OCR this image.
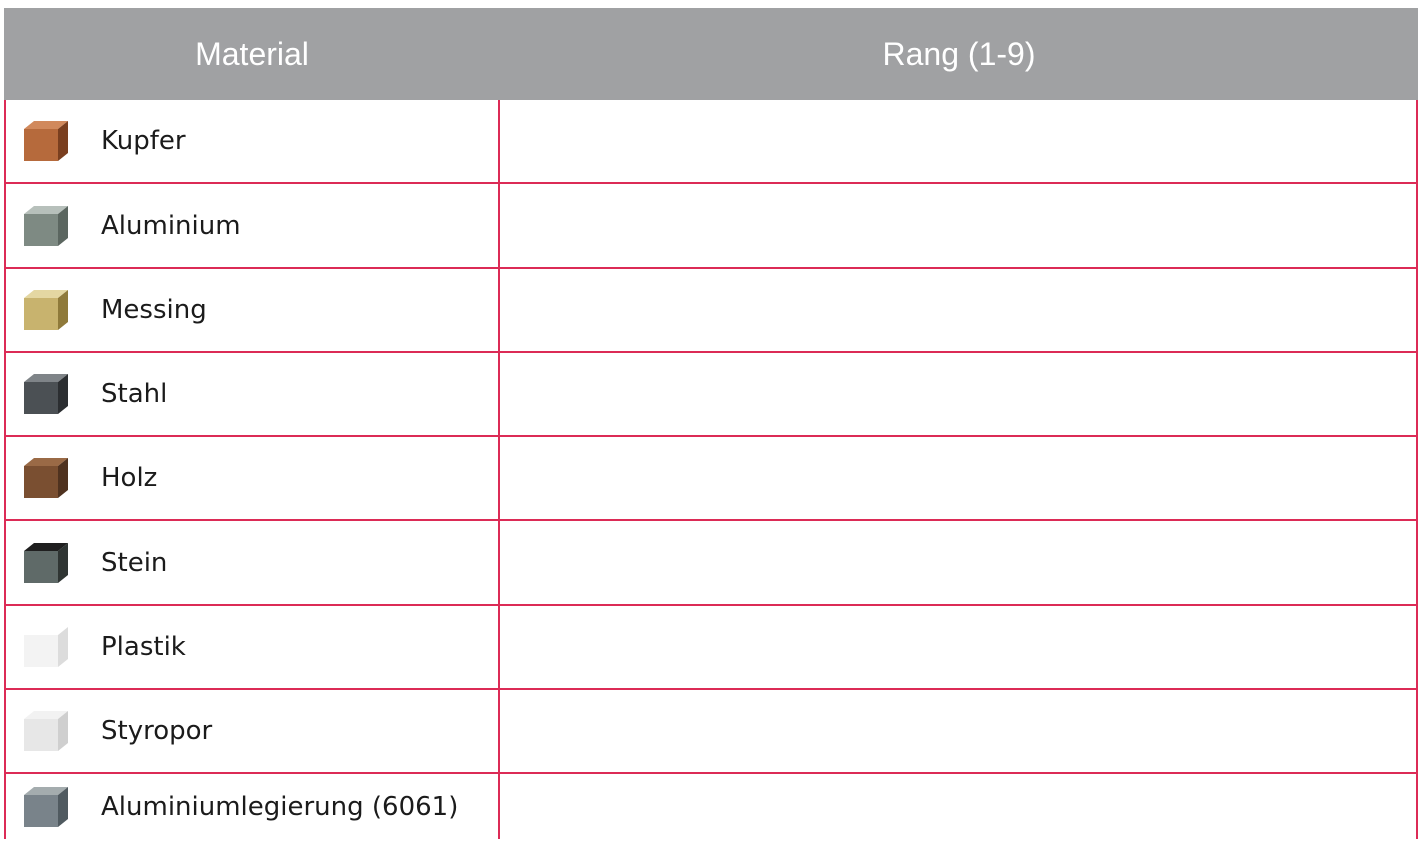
Material	Rang (1-9)
Kupfer
Aluminium
Messing
Stahl
Holz
Stein
Plastik
Styropor
Aluminiumlegierung (6061)
